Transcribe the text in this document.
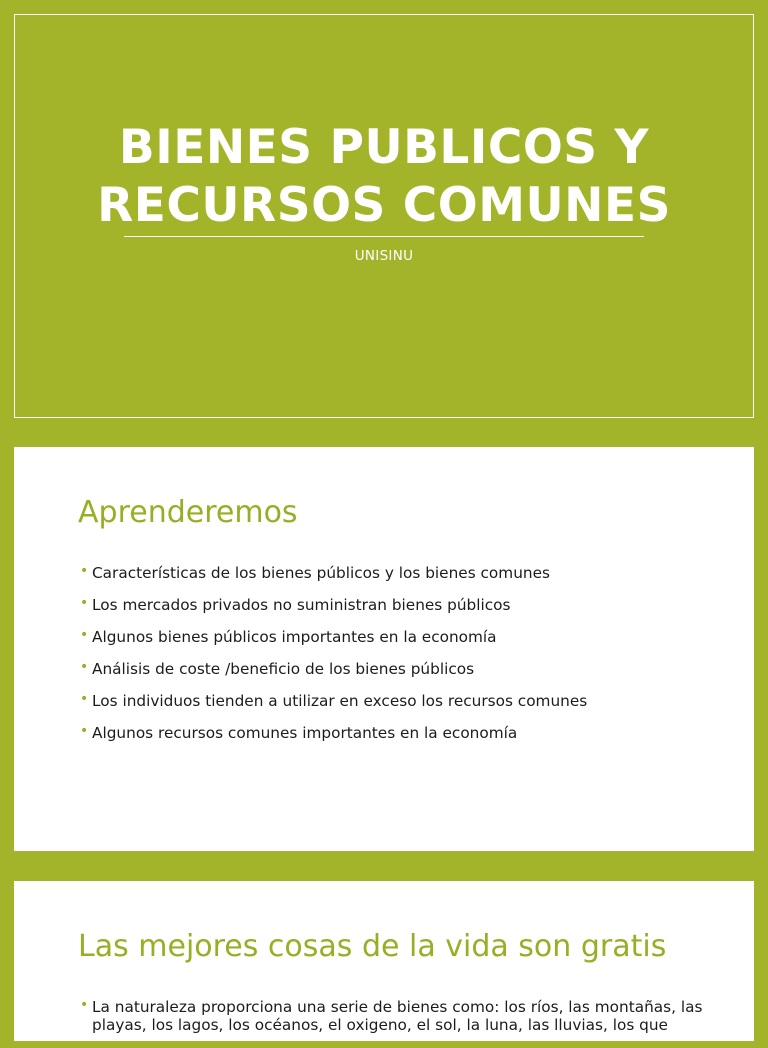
BIENES PUBLICOS Y
RECURSOS COMUNES
UNISINU
Aprenderemos
• Características de los bienes públicos y los bienes comunes
• Los mercados privados no suministran bienes públicos
• Algunos bienes públicos importantes en la economía
• Análisis de coste /beneficio de los bienes públicos
• Los individuos tienden a utilizar en exceso los recursos comunes
• Algunos recursos comunes importantes en la economía
Las mejores cosas de la vida son gratis
• La naturaleza proporciona una serie de bienes como: los ríos, las montañas, las playas, los lagos, los océanos, el oxigeno, el sol, la luna, las lluvias, los que
